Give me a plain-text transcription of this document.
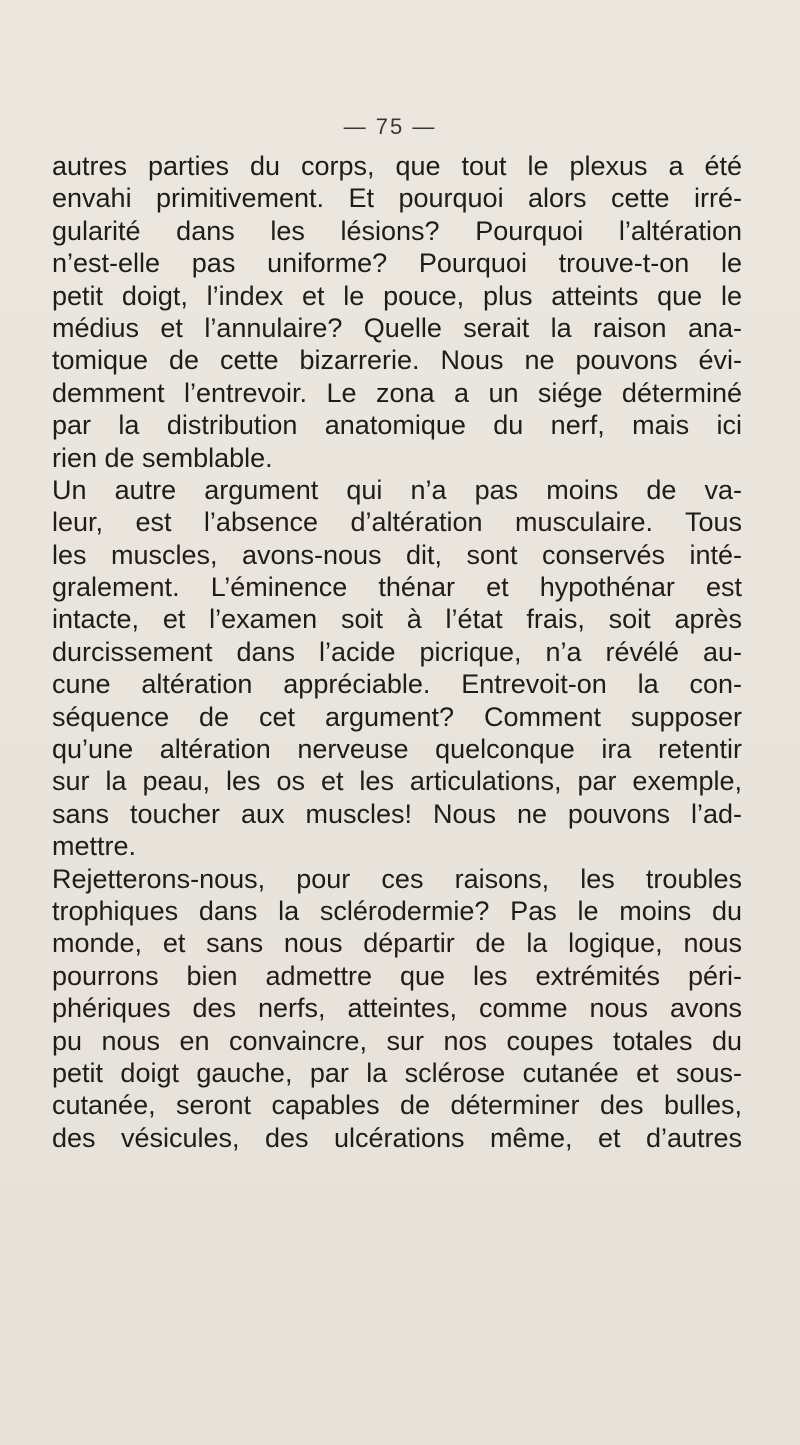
— 75 —
autres parties du corps, que tout le plexus a été
envahi primitivement. Et pourquoi alors cette irré-
gularité dans les lésions? Pourquoi l’altération
n’est-elle pas uniforme? Pourquoi trouve-t-on le
petit doigt, l’index et le pouce, plus atteints que le
médius et l’annulaire? Quelle serait la raison ana-
tomique de cette bizarrerie. Nous ne pouvons évi-
demment l’entrevoir. Le zona a un siége déterminé
par la distribution anatomique du nerf, mais ici
rien de semblable.
Un autre argument qui n’a pas moins de va-
leur, est l’absence d’altération musculaire. Tous
les muscles, avons-nous dit, sont conservés inté-
gralement. L’éminence thénar et hypothénar est
intacte, et l’examen soit à l’état frais, soit après
durcissement dans l’acide picrique, n’a révélé au-
cune altération appréciable. Entrevoit-on la con-
séquence de cet argument? Comment supposer
qu’une altération nerveuse quelconque ira retentir
sur la peau, les os et les articulations, par exemple,
sans toucher aux muscles! Nous ne pouvons l’ad-
mettre.
Rejetterons-nous, pour ces raisons, les troubles
trophiques dans la sclérodermie? Pas le moins du
monde, et sans nous départir de la logique, nous
pourrons bien admettre que les extrémités péri-
phériques des nerfs, atteintes, comme nous avons
pu nous en convaincre, sur nos coupes totales du
petit doigt gauche, par la sclérose cutanée et sous-
cutanée, seront capables de déterminer des bulles,
des vésicules, des ulcérations même, et d’autres
